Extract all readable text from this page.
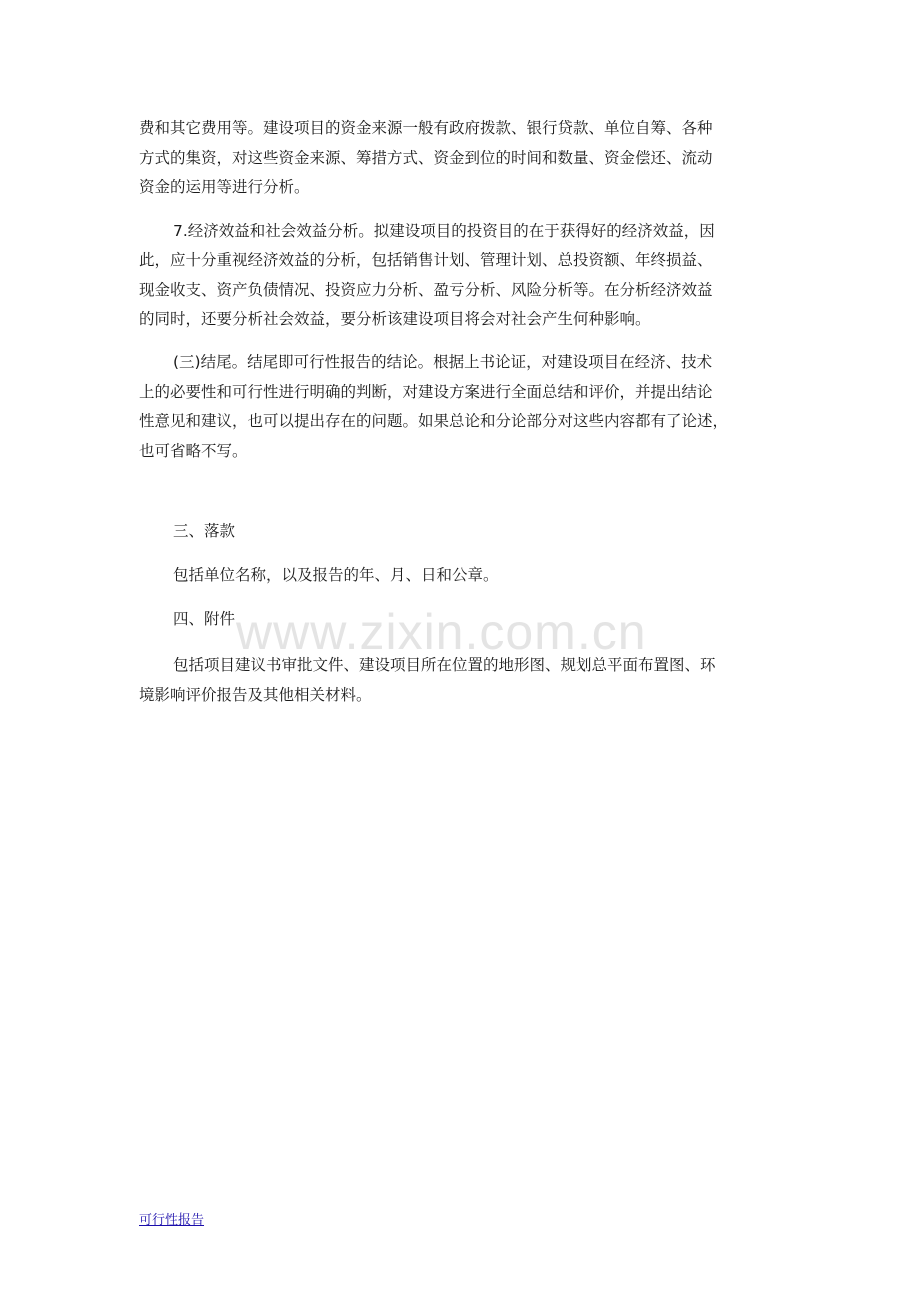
费和其它费用等。建设项目的资金来源一般有政府拨款、银行贷款、单位自筹、各种
方式的集资，对这些资金来源、筹措方式、资金到位的时间和数量、资金偿还、流动
资金的运用等进行分析。
7.经济效益和社会效益分析。拟建设项目的投资目的在于获得好的经济效益，因
此，应十分重视经济效益的分析，包括销售计划、管理计划、总投资额、年终损益、
现金收支、资产负债情况、投资应力分析、盈亏分析、风险分析等。在分析经济效益
的同时，还要分析社会效益，要分析该建设项目将会对社会产生何种影响。
(三)结尾。结尾即可行性报告的结论。根据上书论证，对建设项目在经济、技术
上的必要性和可行性进行明确的判断，对建设方案进行全面总结和评价，并提出结论
性意见和建议，也可以提出存在的问题。如果总论和分论部分对这些内容都有了论述，
也可省略不写。
三、落款
包括单位名称，以及报告的年、月、日和公章。
四、附件 www.zixin.com.cn
包括项目建议书审批文件、建设项目所在位置的地形图、规划总平面布置图、环
境影响评价报告及其他相关材料。
可行性报告
